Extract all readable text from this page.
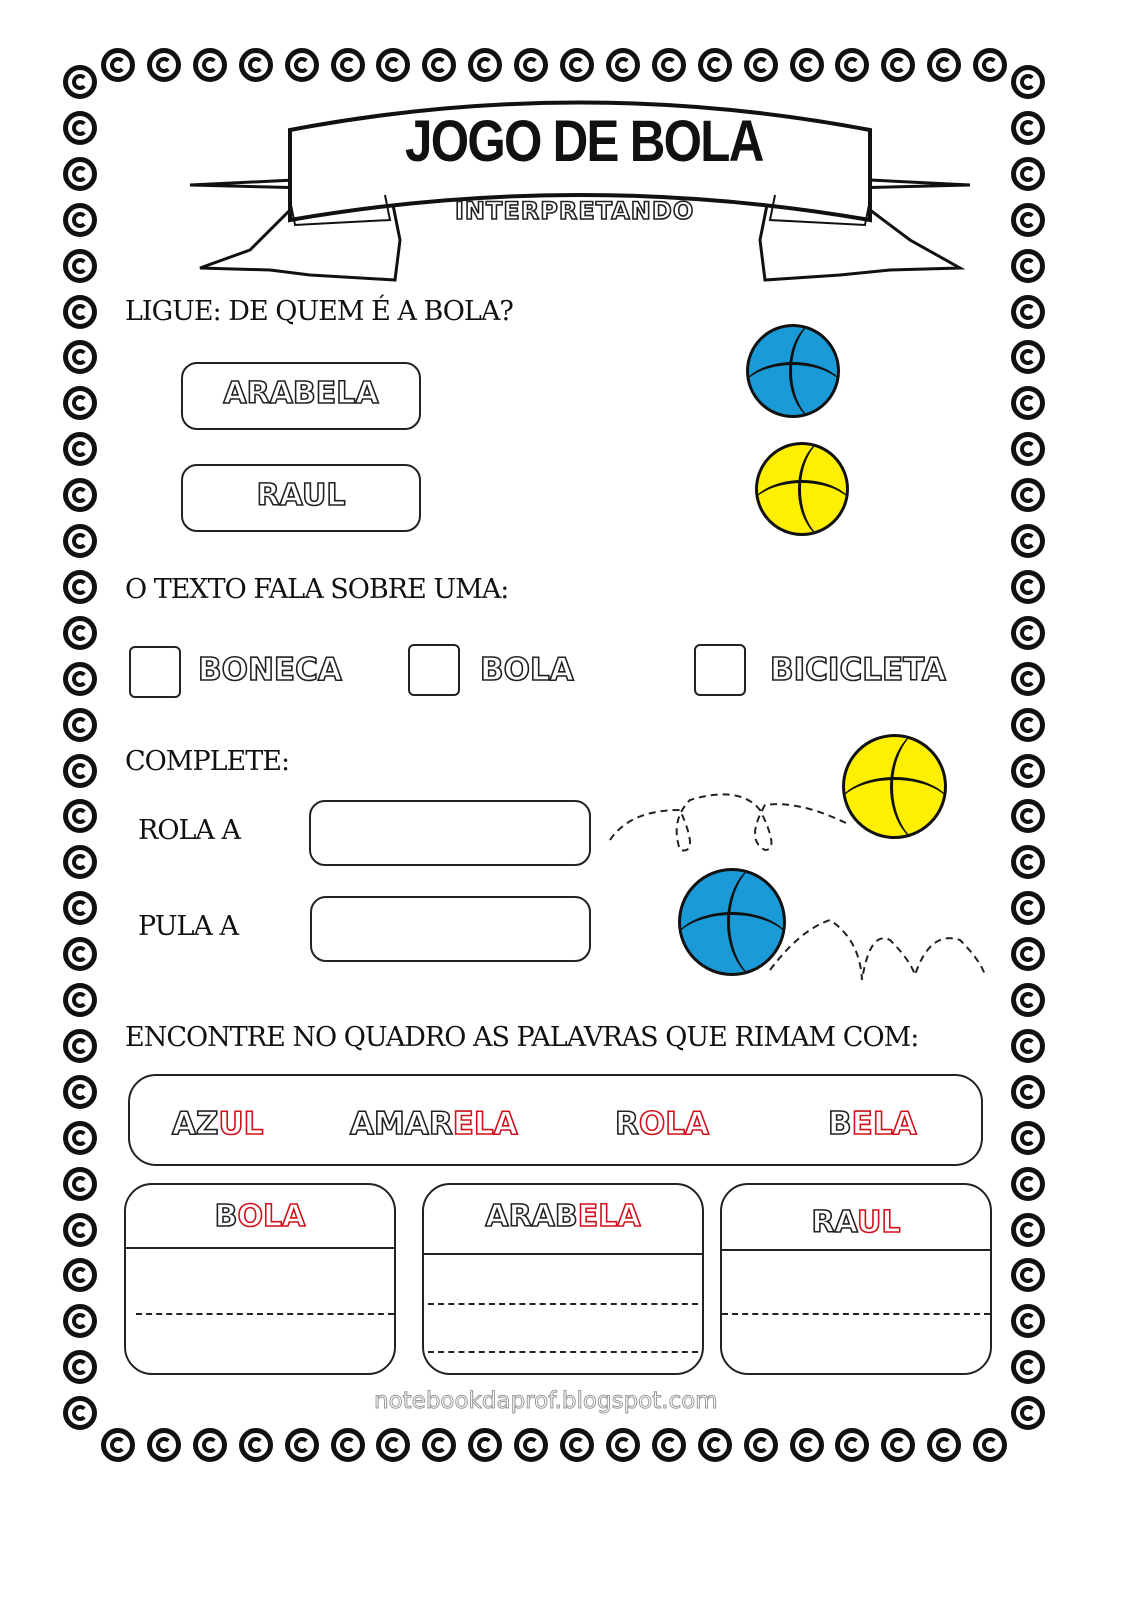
JOGO DE BOLA
INTERPRETANDO
LIGUE: DE QUEM É A BOLA?
ARABELA
RAUL
O TEXTO FALA SOBRE UMA:
BONECA	BOLA	BICICLETA
COMPLETE:
ROLA A
PULA A
ENCONTRE NO QUADRO AS PALAVRAS QUE RIMAM COM:
AZUL	AMARELA	ROLA	BELA
BOLA	ARABELA	RAUL
notebookdaprof.blogspot.com
